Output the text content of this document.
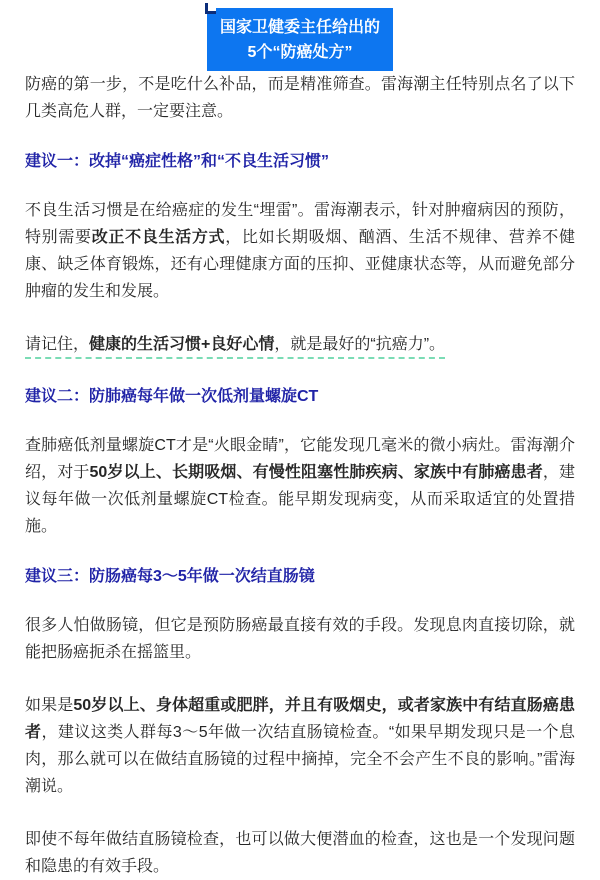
国家卫健委主任给出的
5个“防癌处方”

防癌的第一步，不是吃什么补品，而是精准筛查。雷海潮主任特别点名了以下几类高危人群，一定要注意。

建议一：改掉“癌症性格”和“不良生活习惯”

不良生活习惯是在给癌症的发生“埋雷”。雷海潮表示，针对肿瘤病因的预防，特别需要改正不良生活方式，比如长期吸烟、酗酒、生活不规律、营养不健康、缺乏体育锻炼，还有心理健康方面的压抑、亚健康状态等，从而避免部分肿瘤的发生和发展。

请记住，健康的生活习惯+良好心情，就是最好的“抗癌力”。

建议二：防肺癌每年做一次低剂量螺旋CT

查肺癌低剂量螺旋CT才是“火眼金睛”，它能发现几毫米的微小病灶。雷海潮介绍，对于50岁以上、长期吸烟、有慢性阻塞性肺疾病、家族中有肺癌患者，建议每年做一次低剂量螺旋CT检查。能早期发现病变，从而采取适宜的处置措施。

建议三：防肠癌每3～5年做一次结直肠镜

很多人怕做肠镜，但它是预防肠癌最直接有效的手段。发现息肉直接切除，就能把肠癌扼杀在摇篮里。

如果是50岁以上、身体超重或肥胖，并且有吸烟史，或者家族中有结直肠癌患者，建议这类人群每3～5年做一次结直肠镜检查。“如果早期发现只是一个息肉，那么就可以在做结直肠镜的过程中摘掉，完全不会产生不良的影响。”雷海潮说。

即使不每年做结直肠镜检查，也可以做大便潜血的检查，这也是一个发现问题和隐患的有效手段。
